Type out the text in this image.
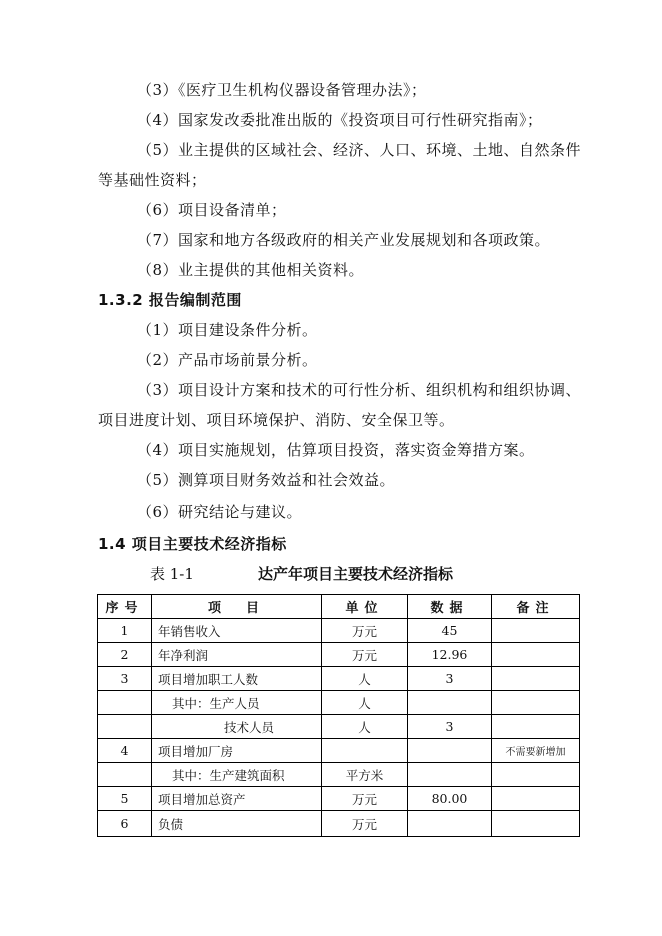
（3）《医疗卫生机构仪器设备管理办法》；
（4）国家发改委批准出版的《投资项目可行性研究指南》；
（5）业主提供的区域社会、经济、人口、环境、土地、自然条件
等基础性资料；
（6）项目设备清单；
（7）国家和地方各级政府的相关产业发展规划和各项政策。
（8）业主提供的其他相关资料。
1.3.2 报告编制范围
（1）项目建设条件分析。
（2）产品市场前景分析。
（3）项目设计方案和技术的可行性分析、组织机构和组织协调、
项目进度计划、项目环境保护、消防、安全保卫等。
（4）项目实施规划，估算项目投资，落实资金筹措方案。
（5）测算项目财务效益和社会效益。
（6）研究结论与建议。
1.4 项目主要技术经济指标
表 1-1	达产年项目主要技术经济指标
序号	项　目	单位	数据	备注
1	年销售收入	万元	45	
2	年净利润	万元	12.96	
3	项目增加职工人数	人	3	
	其中：生产人员	人		
	技术人员	人	3	
4	项目增加厂房			不需要新增加
	其中：生产建筑面积	平方米		
5	项目增加总资产	万元	80.00	
6	负债	万元		
